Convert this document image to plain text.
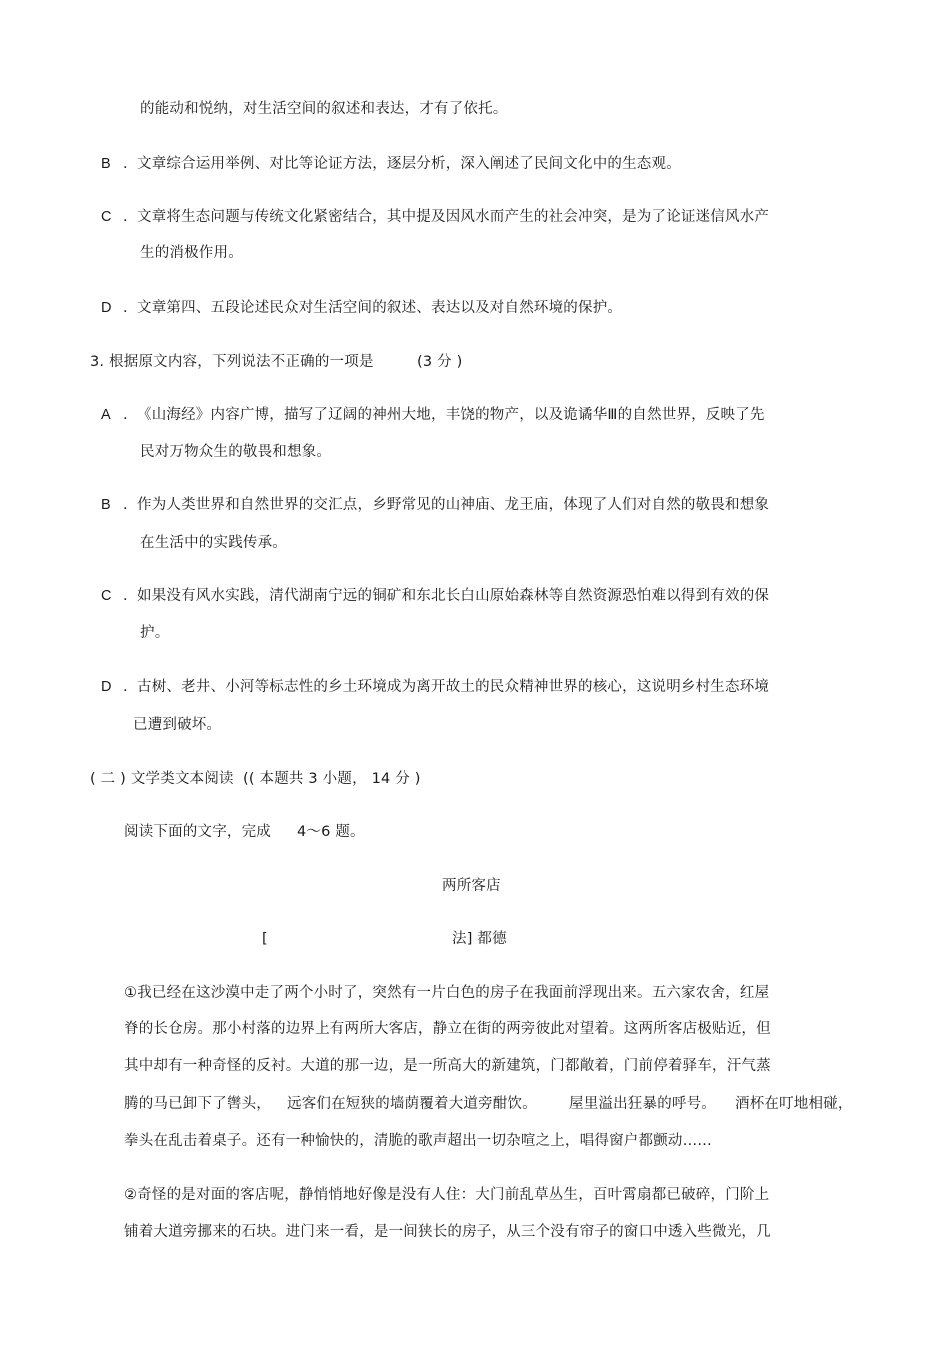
的能动和悦纳，对生活空间的叙述和表达，才有了依托。
B . 文章综合运用举例、对比等论证方法，逐层分析，深入阐述了民间文化中的生态观。
C . 文章将生态问题与传统文化紧密结合，其中提及因风水而产生的社会冲突，是为了论证迷信风水产
生的消极作用。
D . 文章第四、五段论述民众对生活空间的叙述、表达以及对自然环境的保护。
3. 根据原文内容，下列说法不正确的一项是	(3 分 )
A . 《山海经》内容广博，描写了辽阔的神州大地，丰饶的物产，以及诡谲华Ⅲ的自然世界，反映了先
民对万物众生的敬畏和想象。
B . 作为人类世界和自然世界的交汇点，乡野常见的山神庙、龙王庙，体现了人们对自然的敬畏和想象
在生活中的实践传承。
C . 如果没有风水实践，清代湖南宁远的铜矿和东北长白山原始森林等自然资源恐怕难以得到有效的保
护。
D . 古树、老井、小河等标志性的乡土环境成为离开故土的民众精神世界的核心，这说明乡村生态环境
已遭到破坏。
( 二 ) 文学类文本阅读 (( 本题共 3 小题， 14 分 )
阅读下面的文字，完成 4～6 题。
两所客店
[	法] 都德
①我已经在这沙漠中走了两个小时了，突然有一片白色的房子在我面前浮现出来。五六家农舍，红屋
脊的长仓房。那小村落的边界上有两所大客店，静立在街的两旁彼此对望着。这两所客店极贴近，但
其中却有一种奇怪的反衬。大道的那一边，是一所高大的新建筑，门都敞着，门前停着驿车，汗气蒸
腾的马已卸下了辔头， 远客们在短狭的墙荫覆着大道旁酣饮。 屋里溢出狂暴的呼号。 酒杯在叮地相碰，
拳头在乱击着桌子。还有一种愉快的，清脆的歌声超出一切杂喧之上，唱得窗户都颤动……
②奇怪的是对面的客店呢，静悄悄地好像是没有人住：大门前乱草丛生，百叶霄扇都已破碎，门阶上
铺着大道旁挪来的石块。进门来一看，是一间狭长的房子，从三个没有帘子的窗口中透入些微光，几
